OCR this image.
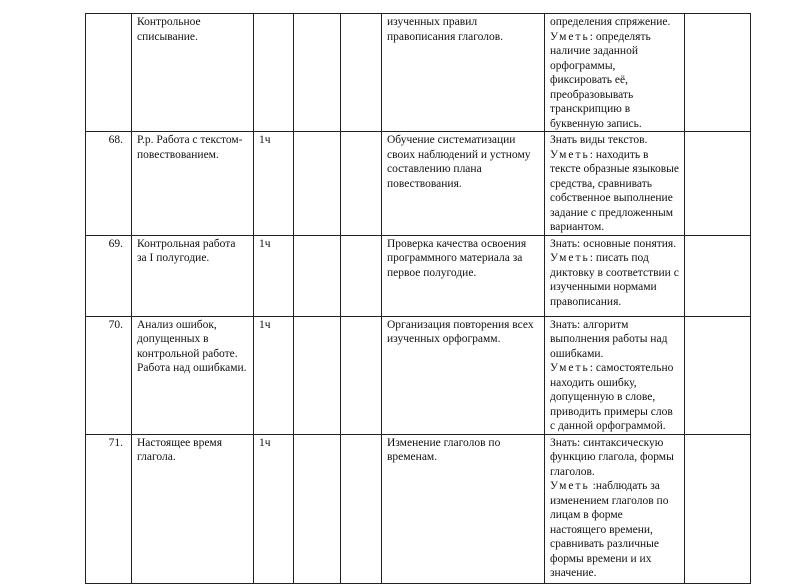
	Контрольное списывание.				изученных правил правописания глаголов.	определения спряжение.
Уметь: определять наличие заданной орфограммы, фиксировать её, преобразовывать транскрипцию в буквенную запись.	

68.	Р.р. Работа с текстом-повествованием.	1ч			Обучение систематизации своих наблюдений и устному составлению плана повествования.	Знать виды текстов.
Уметь: находить в тексте образные языковые средства, сравнивать собственное выполнение задание с предложенным вариантом.	

69.	Контрольная работа за I полугодие.	1ч			Проверка качества освоения программного материала за первое полугодие.	Знать: основные понятия.
Уметь: писать под диктовку в соответствии с изученными нормами правописания.	

70.	Анализ ошибок, допущенных в контрольной работе. Работа над ошибками.	1ч			Организация повторения всех изученных орфограмм.	Знать: алгоритм выполнения работы над ошибками.
Уметь: самостоятельно находить ошибку, допущенную в слове, приводить примеры слов с данной орфограммой.	

71.	Настоящее время глагола.	1ч			Изменение глаголов по временам.	Знать: синтаксическую функцию глагола, формы глаголов.
Уметь :наблюдать за изменением глаголов по лицам в форме настоящего времени, сравнивать различные формы времени и их значение.	
